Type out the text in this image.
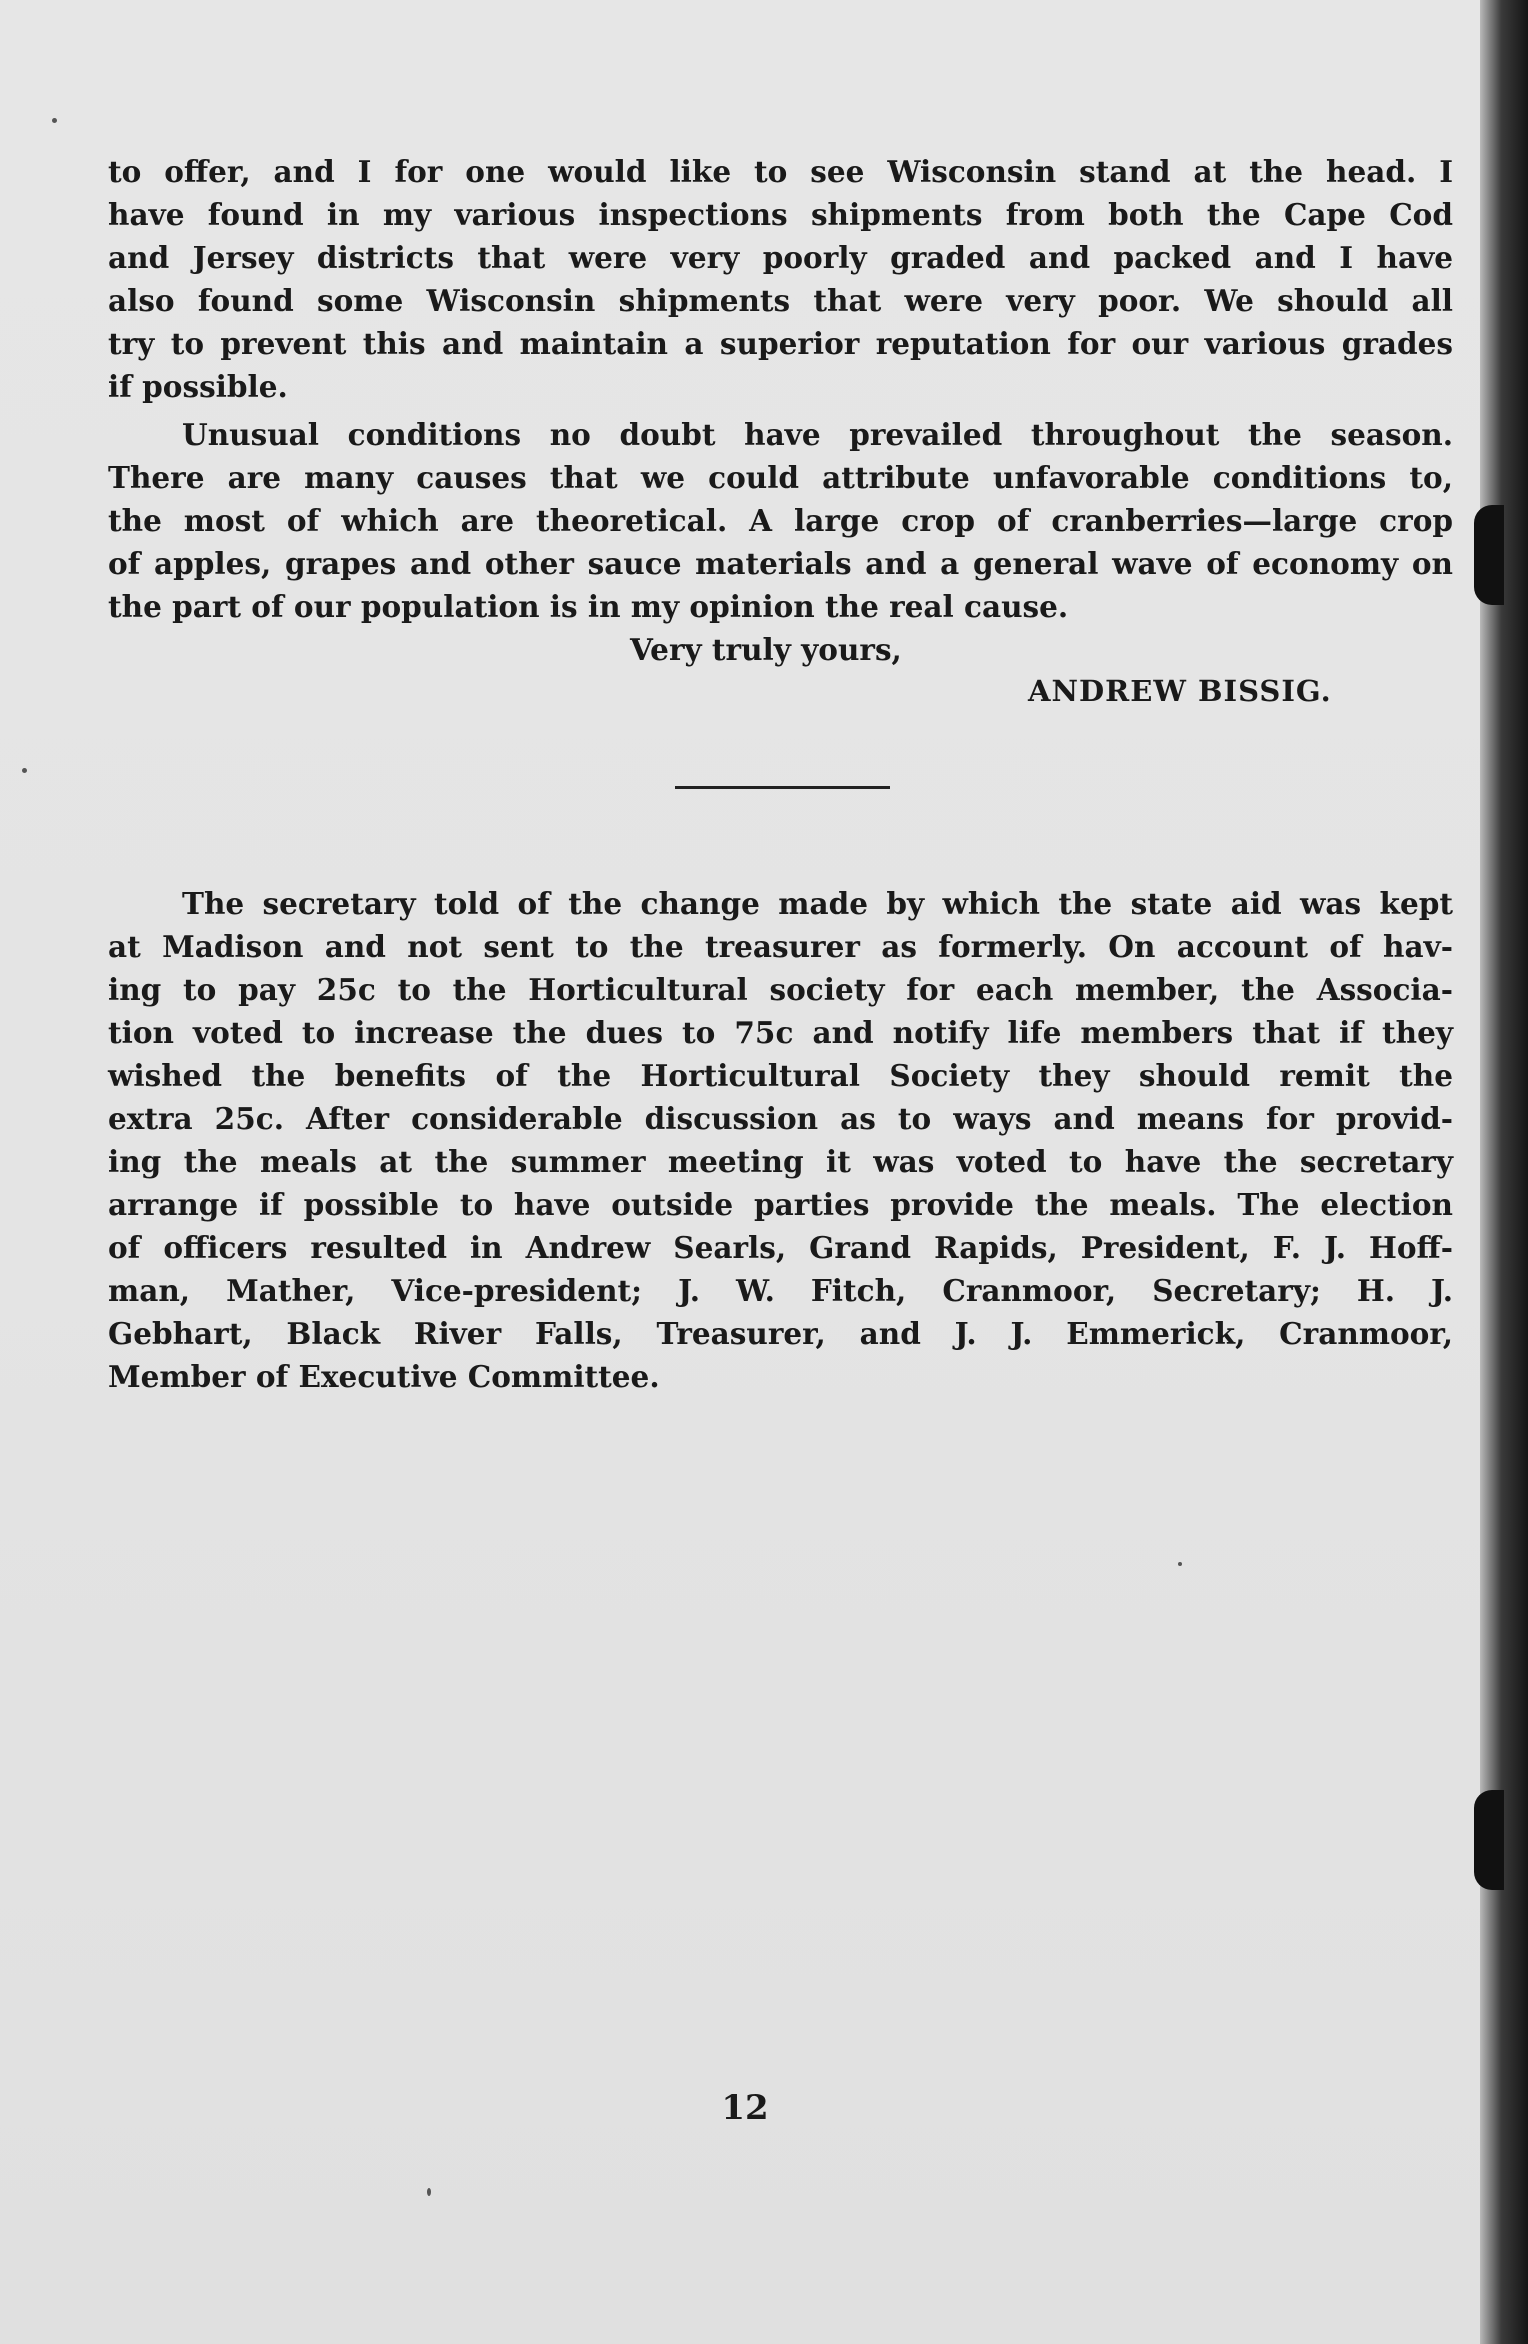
to offer, and I for one would like to see Wisconsin stand at the head. I
have found in my various inspections shipments from both the Cape Cod
and Jersey districts that were very poorly graded and packed and I have
also found some Wisconsin shipments that were very poor. We should all
try to prevent this and maintain a superior reputation for our various grades
if possible.
Unusual conditions no doubt have prevailed throughout the season.
There are many causes that we could attribute unfavorable conditions to,
the most of which are theoretical. A large crop of cranberries—large crop
of apples, grapes and other sauce materials and a general wave of economy on
the part of our population is in my opinion the real cause.
Very truly yours,
ANDREW BISSIG.
The secretary told of the change made by which the state aid was kept
at Madison and not sent to the treasurer as formerly. On account of hav-
ing to pay 25c to the Horticultural society for each member, the Associa-
tion voted to increase the dues to 75c and notify life members that if they
wished the benefits of the Horticultural Society they should remit the
extra 25c. After considerable discussion as to ways and means for provid-
ing the meals at the summer meeting it was voted to have the secretary
arrange if possible to have outside parties provide the meals. The election
of officers resulted in Andrew Searls, Grand Rapids, President, F. J. Hoff-
man, Mather, Vice-president; J. W. Fitch, Cranmoor, Secretary; H. J.
Gebhart, Black River Falls, Treasurer, and J. J. Emmerick, Cranmoor,
Member of Executive Committee.
12
